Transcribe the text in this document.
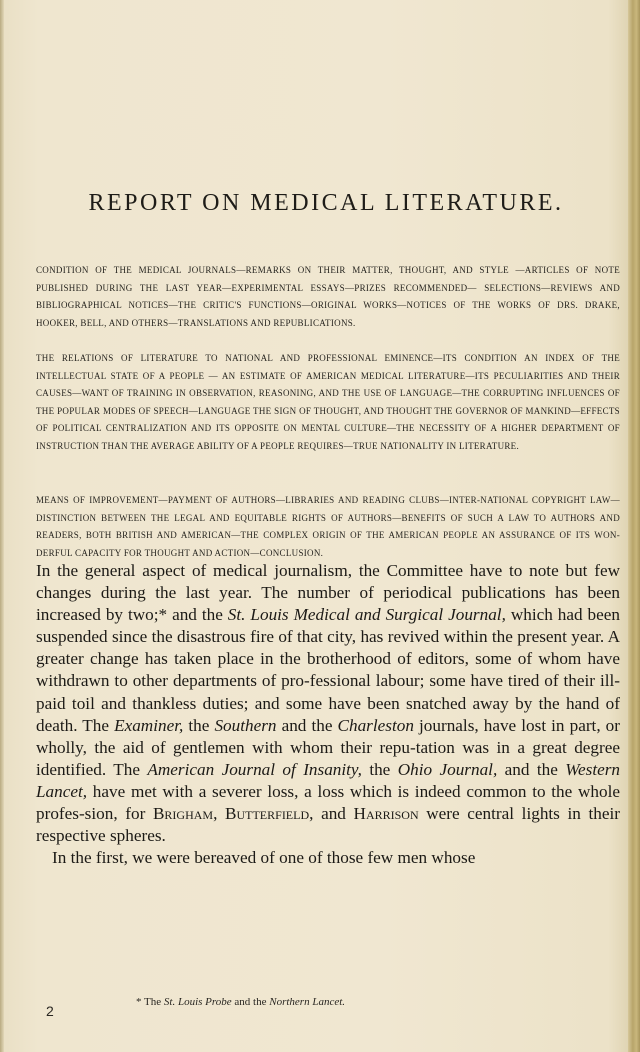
REPORT ON MEDICAL LITERATURE.

CONDITION OF THE MEDICAL JOURNALS—REMARKS ON THEIR MATTER, THOUGHT, AND STYLE —ARTICLES OF NOTE PUBLISHED DURING THE LAST YEAR—EXPERIMENTAL ESSAYS—PRIZES RECOMMENDED— SELECTIONS—REVIEWS AND BIBLIOGRAPHICAL NOTICES—THE CRITIC'S FUNCTIONS—ORIGINAL WORKS—NOTICES OF THE WORKS OF DRS. DRAKE, HOOKER, BELL, AND OTHERS—TRANSLATIONS AND REPUBLICATIONS.

THE RELATIONS OF LITERATURE TO NATIONAL AND PROFESSIONAL EMINENCE—ITS CONDITION AN INDEX OF THE INTELLECTUAL STATE OF A PEOPLE — AN ESTIMATE OF AMERICAN MEDICAL LITERATURE—ITS PECULIARITIES AND THEIR CAUSES—WANT OF TRAINING IN OBSERVATION, REASONING, AND THE USE OF LANGUAGE—THE CORRUPTING INFLUENCES OF THE POPULAR MODES OF SPEECH—LANGUAGE THE SIGN OF THOUGHT, AND THOUGHT THE GOVERNOR OF MANKIND—EFFECTS OF POLITICAL CENTRALIZATION AND ITS OPPOSITE ON MENTAL CULTURE—THE NECESSITY OF A HIGHER DEPARTMENT OF INSTRUCTION THAN THE AVERAGE ABILITY OF A PEOPLE REQUIRES—TRUE NATIONALITY IN LITERATURE.

MEANS OF IMPROVEMENT—PAYMENT OF AUTHORS—LIBRARIES AND READING CLUBS—INTER-NATIONAL COPYRIGHT LAW—DISTINCTION BETWEEN THE LEGAL AND EQUITABLE RIGHTS OF AUTHORS—BENEFITS OF SUCH A LAW TO AUTHORS AND READERS, BOTH BRITISH AND AMERICAN—THE COMPLEX ORIGIN OF THE AMERICAN PEOPLE AN ASSURANCE OF ITS WON-DERFUL CAPACITY FOR THOUGHT AND ACTION—CONCLUSION.

In the general aspect of medical journalism, the Committee have to note but few changes during the last year. The number of periodical publications has been increased by two;* and the St. Louis Medical and Surgical Journal, which had been suspended since the disastrous fire of that city, has revived within the present year. A greater change has taken place in the brotherhood of editors, some of whom have withdrawn to other departments of pro-fessional labour; some have tired of their ill-paid toil and thankless duties; and some have been snatched away by the hand of death. The Examiner, the Southern and the Charleston journals, have lost in part, or wholly, the aid of gentlemen with whom their repu-tation was in a great degree identified. The American Journal of Insanity, the Ohio Journal, and the Western Lancet, have met with a severer loss, a loss which is indeed common to the whole profes-sion, for Brigham, Butterfield, and Harrison were central lights in their respective spheres.

In the first, we were bereaved of one of those few men whose

* The St. Louis Probe and the Northern Lancet.
2
